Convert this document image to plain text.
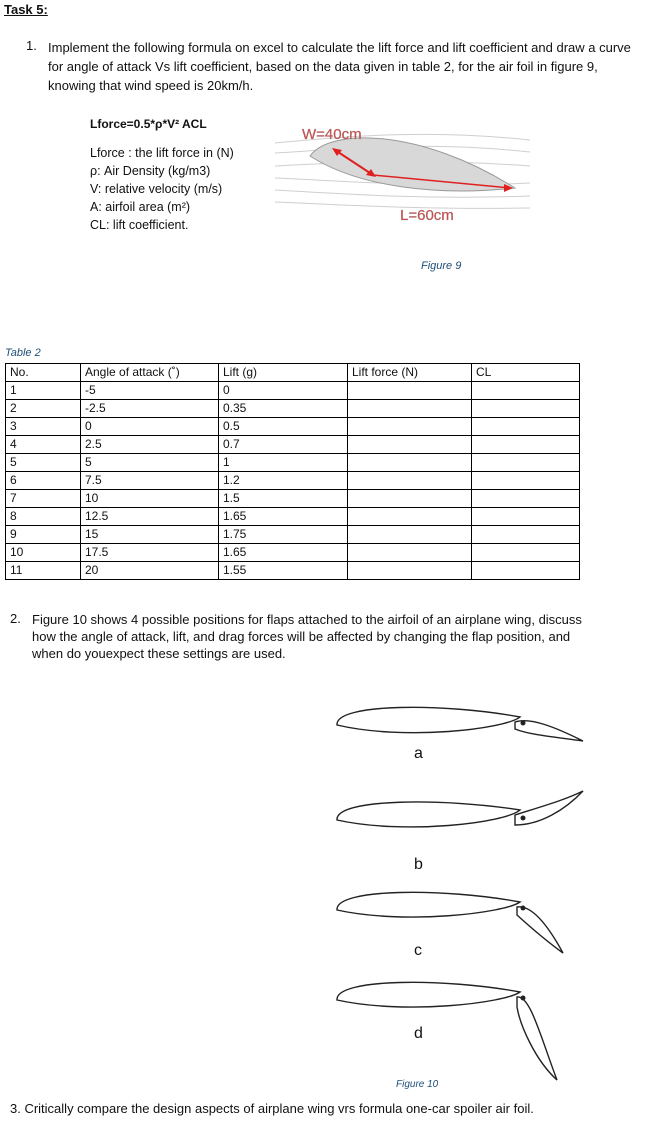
Task 5:
1. Implement the following formula on excel to calculate the lift force and lift coefficient and draw a curve for angle of attack Vs lift coefficient, based on the data given in table 2, for the air foil in figure 9, knowing that wind speed is 20km/h.
Lforce=0.5*ρ*V² ACL
Lforce : the lift force in (N)
ρ: Air Density (kg/m3)
V: relative velocity (m/s)
A: airfoil area (m²)
CL: lift coefficient.
W=40cm
L=60cm
Figure 9
Table 2
No.	Angle of attack (˚)	Lift (g)	Lift force (N)	CL
1	-5	0		
2	-2.5	0.35		
3	0	0.5		
4	2.5	0.7		
5	5	1		
6	7.5	1.2		
7	10	1.5		
8	12.5	1.65		
9	15	1.75		
10	17.5	1.65		
11	20	1.55		
2. Figure 10 shows 4 possible positions for flaps attached to the airfoil of an airplane wing, discuss how the angle of attack, lift, and drag forces will be affected by changing the flap position, and when do youexpect these settings are used.
a
b
c
d
Figure 10
3. Critically compare the design aspects of airplane wing vrs formula one-car spoiler air foil.
